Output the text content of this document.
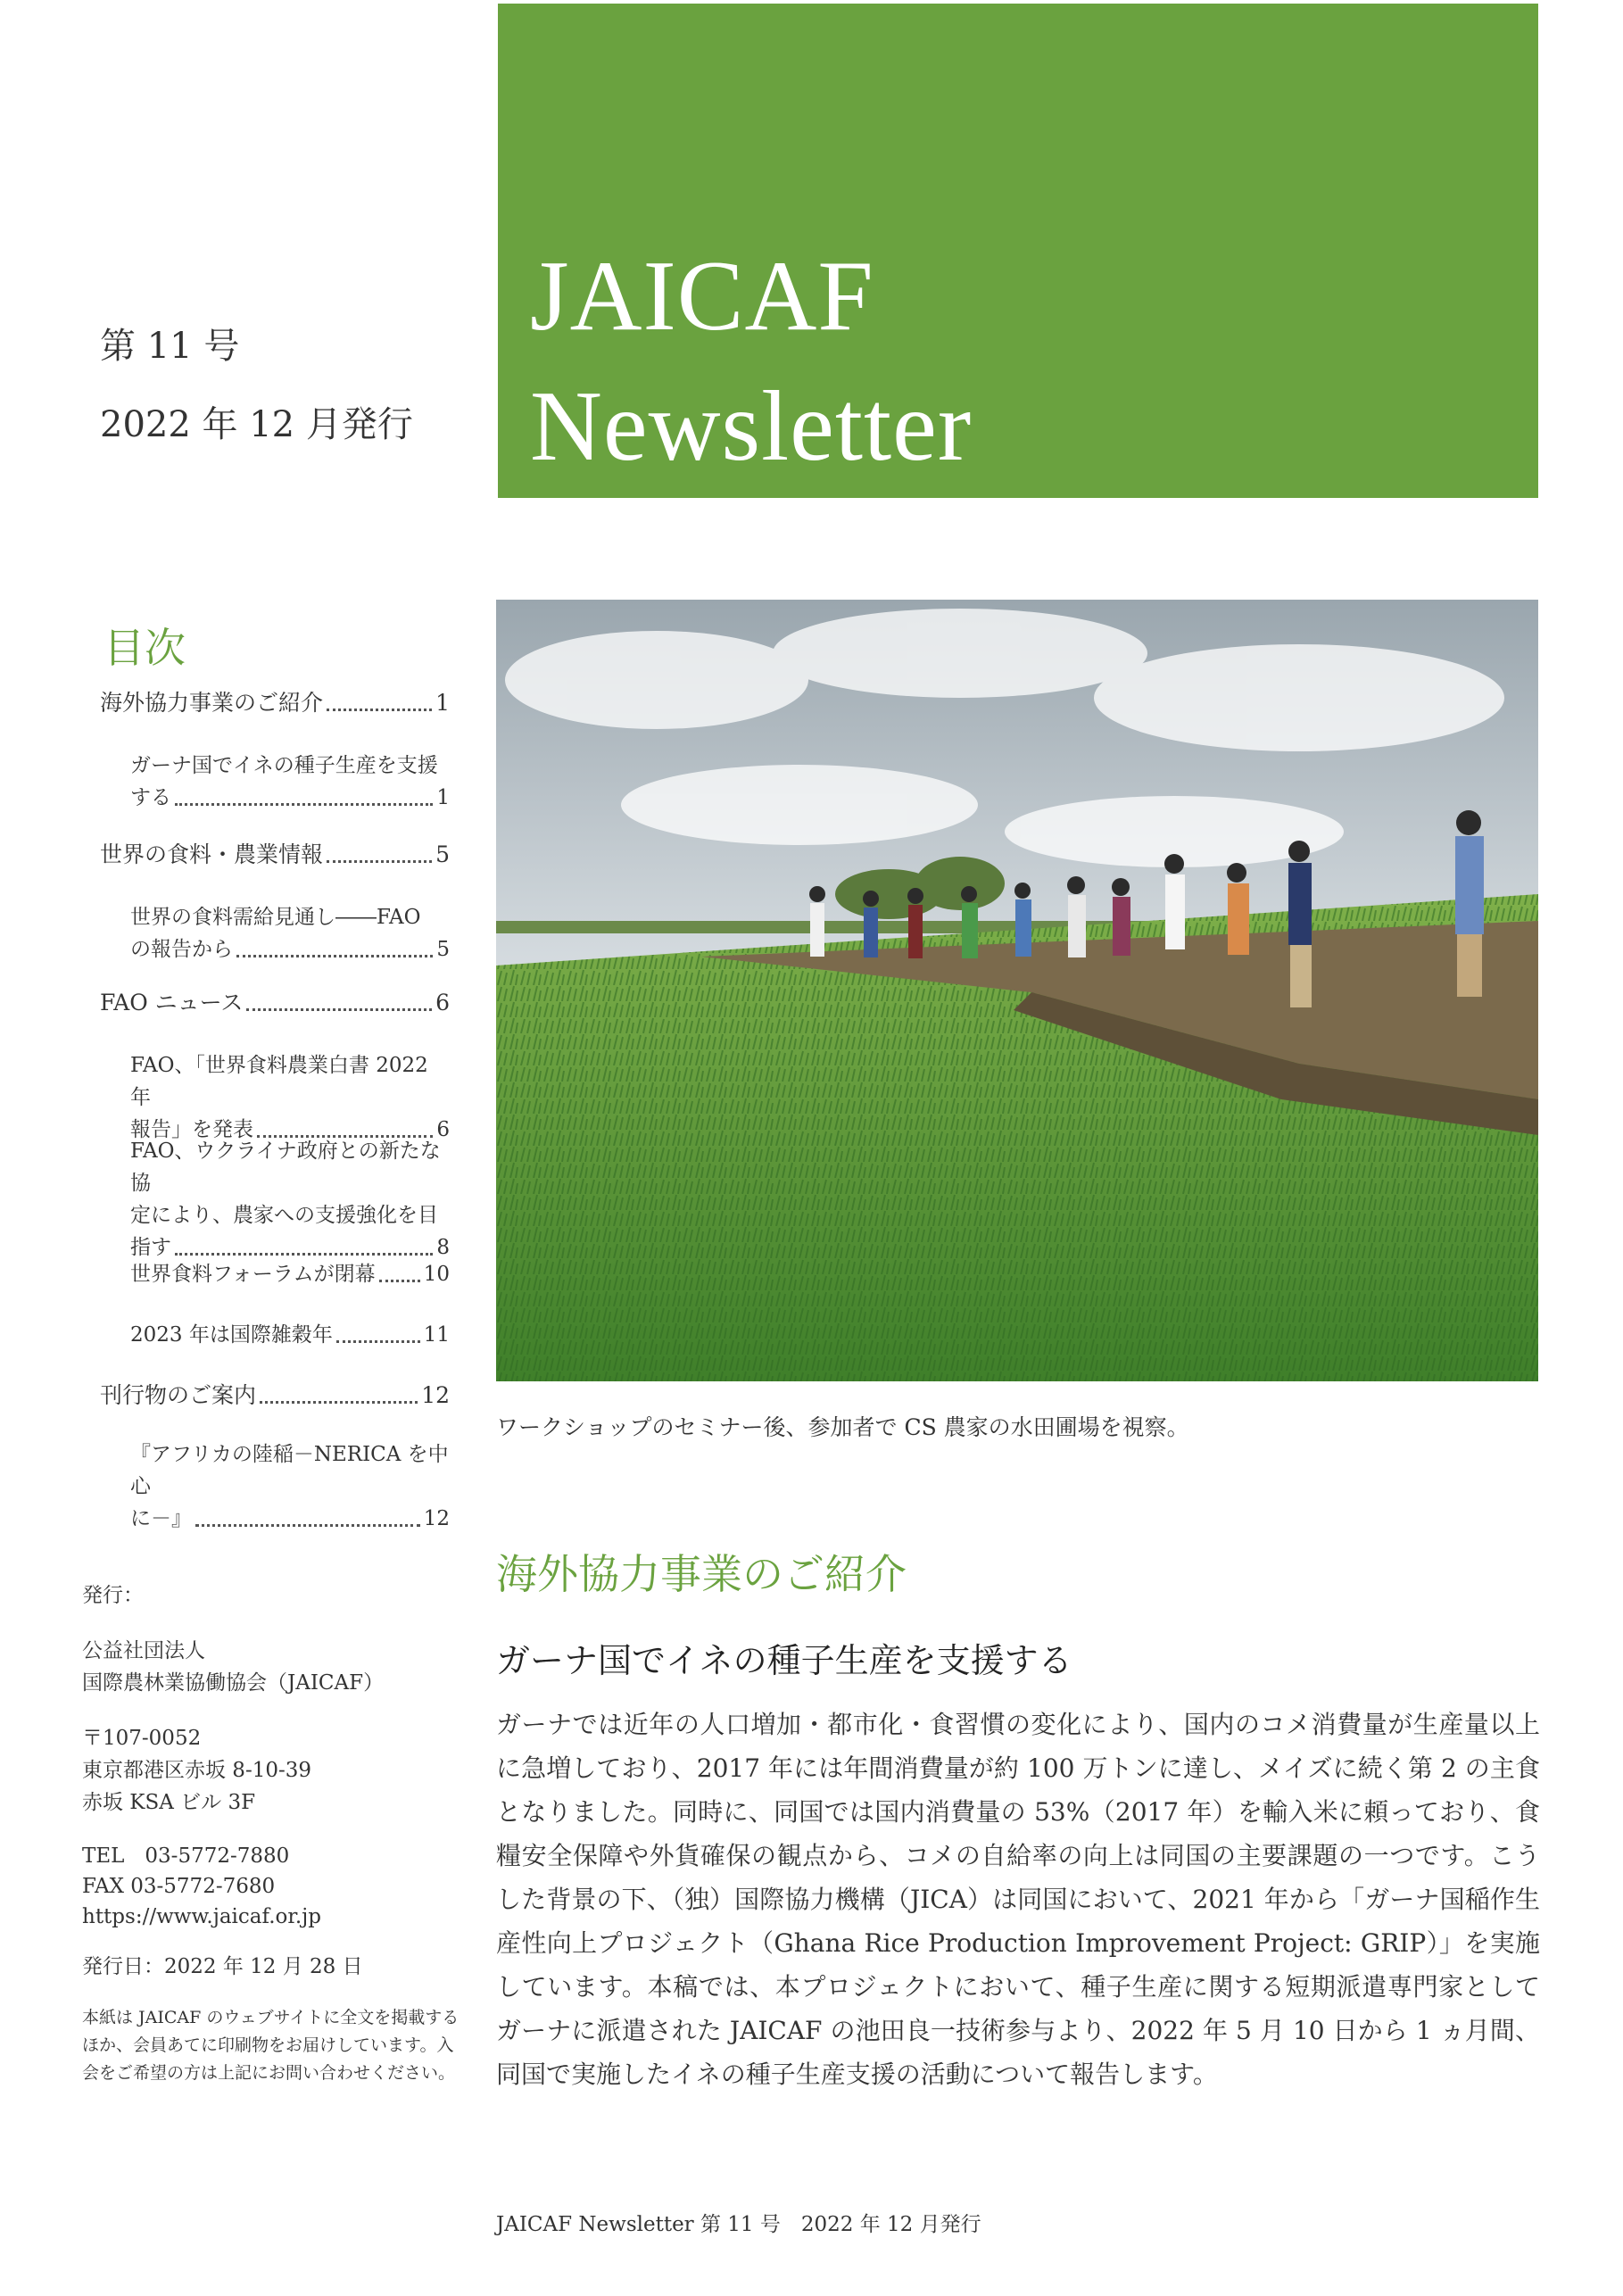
JAICAF
Newsletter
第 11 号
2022 年 12 月発行
目次
海外協力事業のご紹介	1
ガーナ国でイネの種子生産を支援
する	1
世界の食料・農業情報	5
世界の食料需給見通し――FAO
の報告から	5
FAO ニュース	6
FAO、「世界食料農業白書 2022 年
報告」を発表	6
FAO、ウクライナ政府との新たな協
定により、農家への支援強化を目
指す	8
世界食料フォーラムが閉幕 10
2023 年は国際雑穀年	11
刊行物のご案内	12
『アフリカの陸稲－NERICA を中心
に－』	12
ワークショップのセミナー後、参加者で CS 農家の水田圃場を視察。
発行：
公益社団法人
国際農林業協働協会（JAICAF）
〒107-0052
東京都港区赤坂 8-10-39
赤坂 KSA ビル 3F
TEL　03-5772-7880
FAX 03-5772-7680
https://www.jaicaf.or.jp
発行日：2022 年 12 月 28 日
本紙は JAICAF のウェブサイトに全文を掲載するほか、会員あてに印刷物をお届けしています。入会をご希望の方は上記にお問い合わせください。
海外協力事業のご紹介
ガーナ国でイネの種子生産を支援する
ガーナでは近年の人口増加・都市化・食習慣の変化により、国内のコメ消費量が生産量以上に急増しており、2017 年には年間消費量が約 100 万トンに達し、メイズに続く第 2 の主食となりました。同時に、同国では国内消費量の 53%（2017 年）を輸入米に頼っており、食糧安全保障や外貨確保の観点から、コメの自給率の向上は同国の主要課題の一つです。こうした背景の下、（独）国際協力機構（JICA）は同国において、2021 年から「ガーナ国稲作生産性向上プロジェクト（Ghana Rice Production Improvement Project: GRIP）」を実施しています。本稿では、本プロジェクトにおいて、種子生産に関する短期派遣専門家としてガーナに派遣された JAICAF の池田良一技術参与より、2022 年 5 月 10 日から 1 ヵ月間、同国で実施したイネの種子生産支援の活動について報告します。
JAICAF Newsletter 第 11 号　2022 年 12 月発行
